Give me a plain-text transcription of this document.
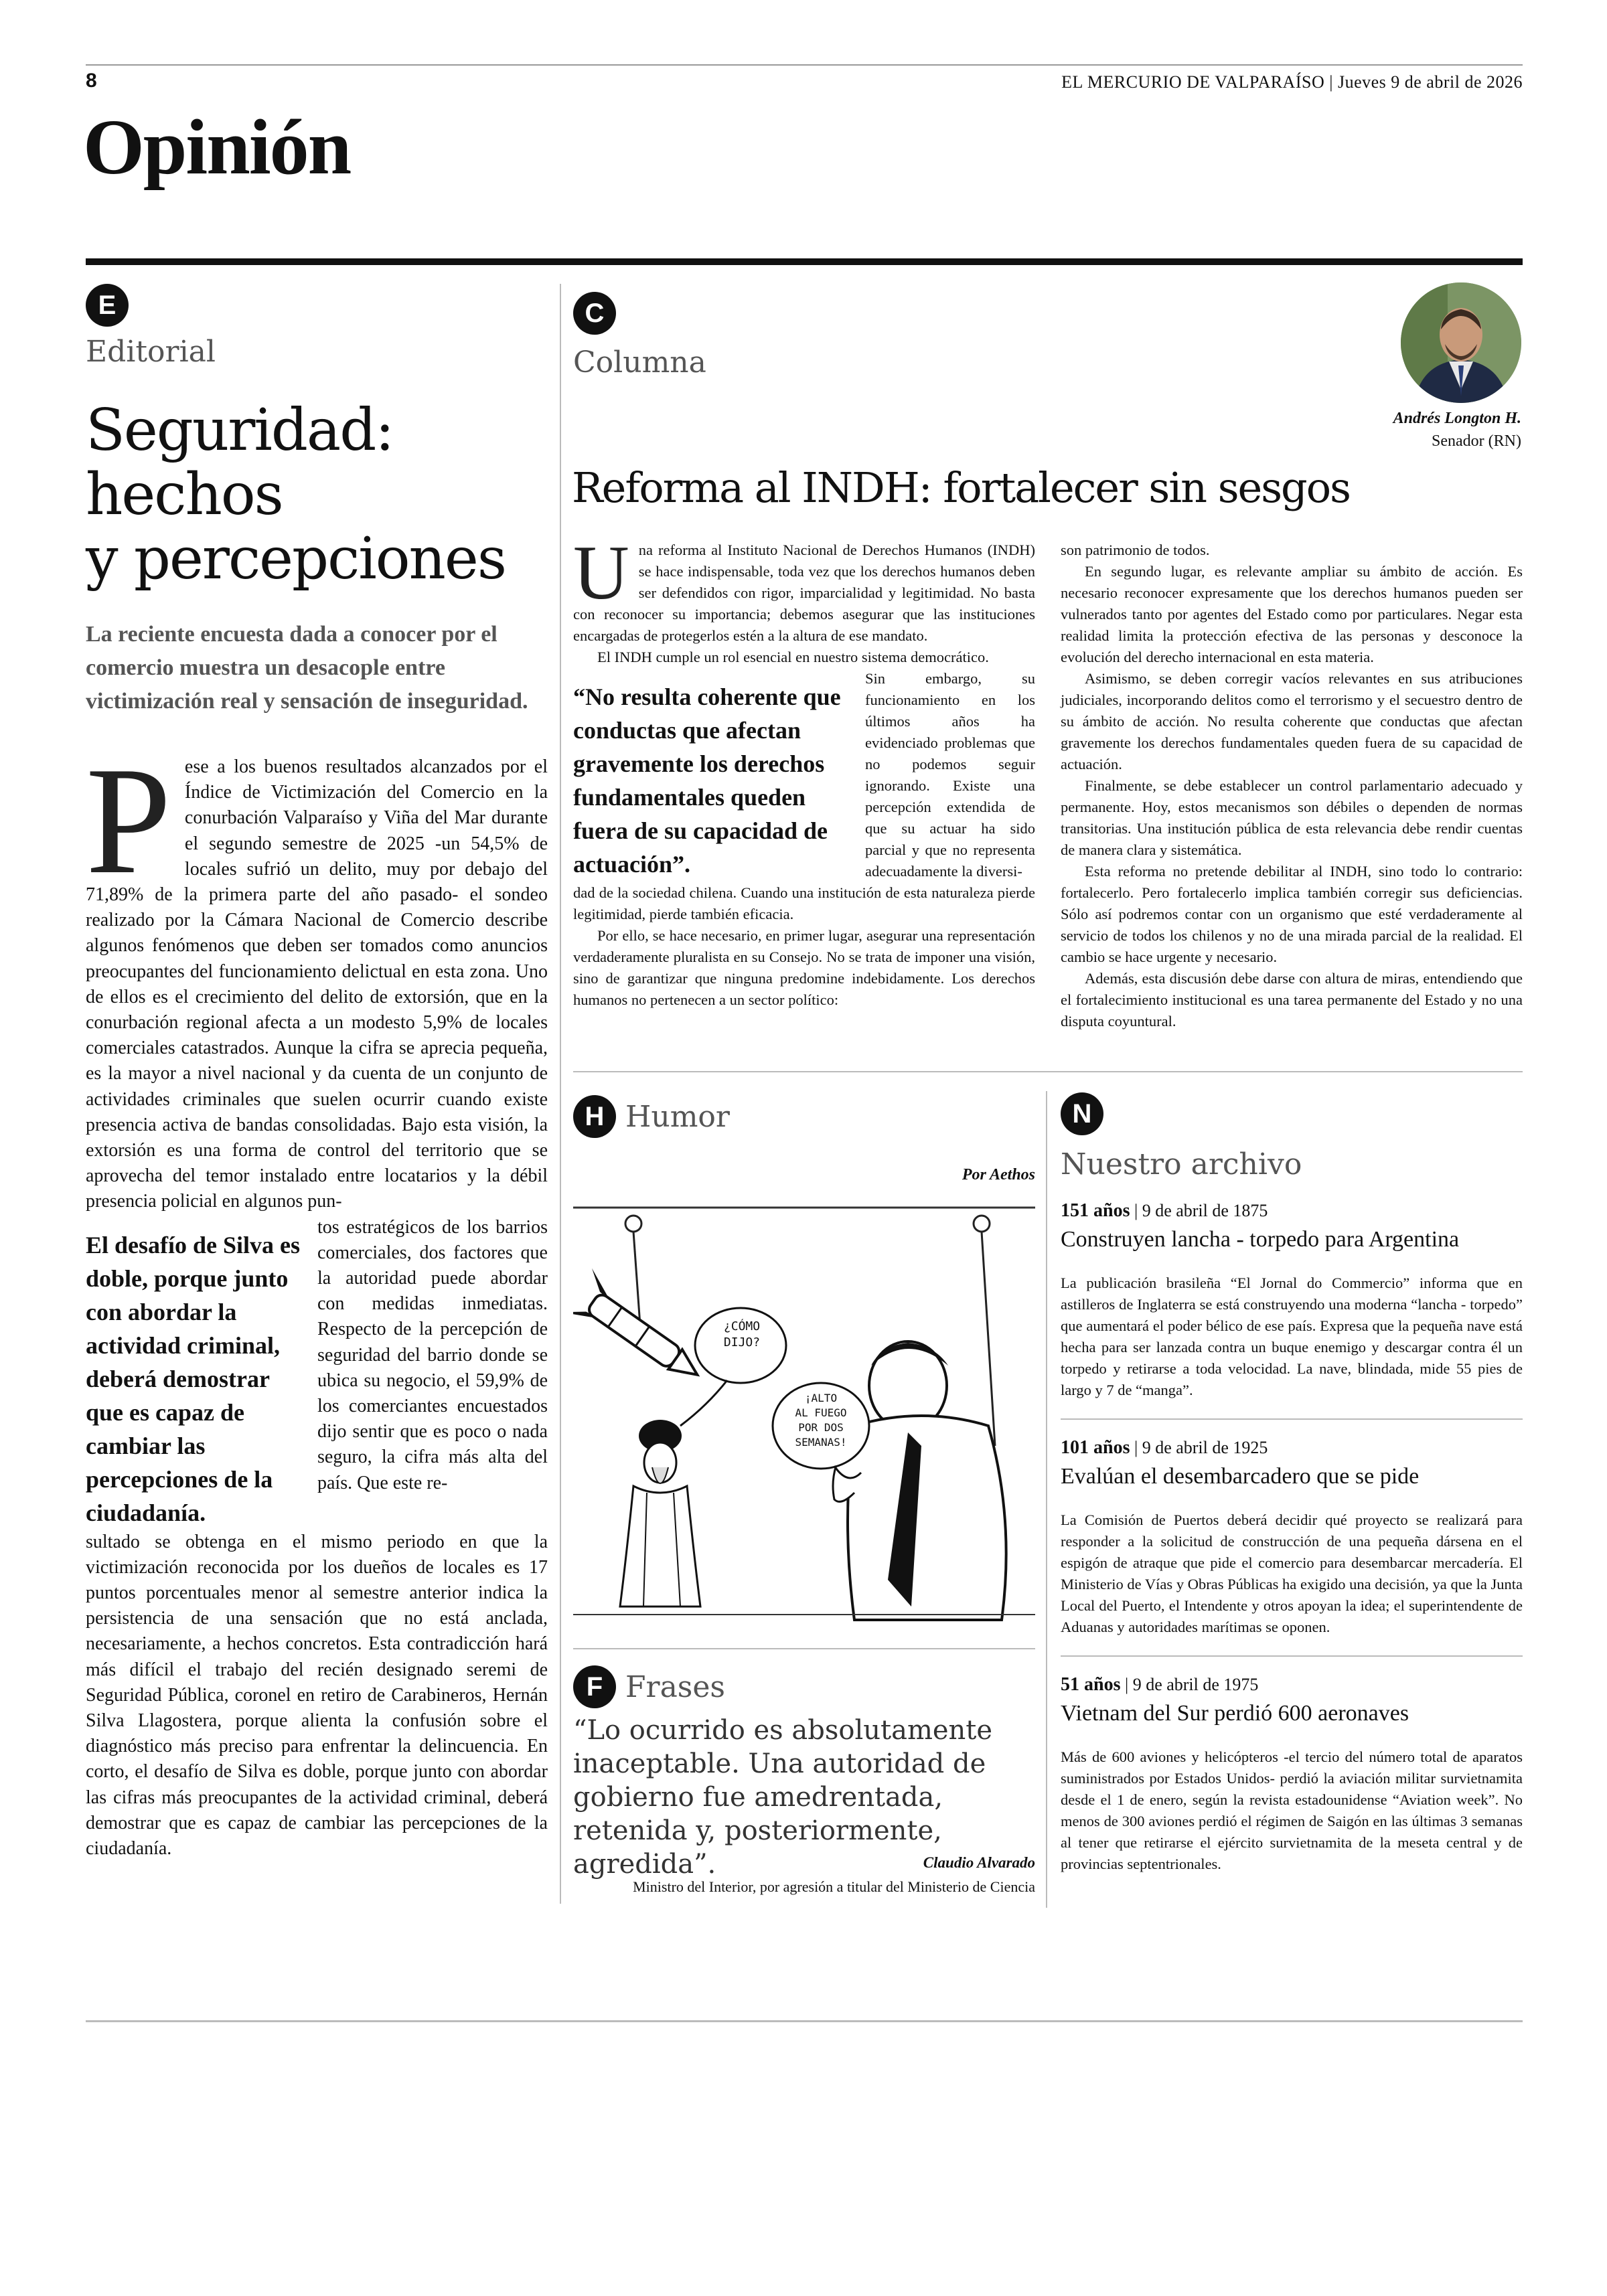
8	EL MERCURIO DE VALPARAÍSO | Jueves 9 de abril de 2026
Opinión
E
Editorial
Seguridad: hechos
y percepciones
La reciente encuesta dada a conocer por el comercio muestra un desacople entre victimización real y sensación de inseguridad.
Pese a los buenos resultados alcanzados por el Índice de Victimización del Comercio en la conurbación Valparaíso y Viña del Mar durante el segundo semestre de 2025 -un 54,5% de locales sufrió un delito, muy por debajo del 71,89% de la primera parte del año pasado- el sondeo realizado por la Cámara Nacional de Comercio describe algunos fenómenos que deben ser tomados como anuncios preocupantes del funcionamiento delictual en esta zona. Uno de ellos es el crecimiento del delito de extorsión, que en la conurbación regional afecta a un modesto 5,9% de locales comerciales catastrados. Aunque la cifra se aprecia pequeña, es la mayor a nivel nacional y da cuenta de un conjunto de actividades criminales que suelen ocurrir cuando existe presencia activa de bandas consolidadas. Bajo esta visión, la extorsión es una forma de control del territorio que se aprovecha del temor instalado entre locatarios y la débil presencia policial en algunos pun-
El desafío de Silva es doble, porque junto con abordar la actividad criminal, deberá demostrar que es capaz de cambiar las percepciones de la ciudadanía.
tos estratégicos de los barrios comerciales, dos factores que la autoridad puede abordar con medidas inmediatas. Respecto de la percepción de seguridad del barrio donde se ubica su negocio, el 59,9% de los comerciantes encuestados dijo sentir que es poco o nada seguro, la cifra más alta del país. Que este re-
sultado se obtenga en el mismo periodo en que la victimización reconocida por los dueños de locales es 17 puntos porcentuales menor al semestre anterior indica la persistencia de una sensación que no está anclada, necesariamente, a hechos concretos. Esta contradicción hará más difícil el trabajo del recién designado seremi de Seguridad Pública, coronel en retiro de Carabineros, Hernán Silva Llagostera, porque alienta la confusión sobre el diagnóstico más preciso para enfrentar la delincuencia. En corto, el desafío de Silva es doble, porque junto con abordar las cifras más preocupantes de la actividad criminal, deberá demostrar que es capaz de cambiar las percepciones de la ciudadanía.
C
Columna
Andrés Longton H.
Senador (RN)
Reforma al INDH: fortalecer sin sesgos
Una reforma al Instituto Nacional de Derechos Humanos (INDH) se hace indispensable, toda vez que los derechos humanos deben ser defendidos con rigor, imparcialidad y legitimidad. No basta con reconocer su importancia; debemos asegurar que las instituciones encargadas de protegerlos estén a la altura de ese mandato.
El INDH cumple un rol esencial en nuestro sistema democrático.
“No resulta coherente que conductas que afectan gravemente los derechos fundamentales queden fuera de su capacidad de actuación”.
Sin embargo, su funcionamiento en los últimos años ha evidenciado problemas que no podemos seguir ignorando. Existe una percepción extendida de que su actuar ha sido parcial y que no representa adecuadamente la diversi-
dad de la sociedad chilena. Cuando una institución de esta naturaleza pierde legitimidad, pierde también eficacia.
Por ello, se hace necesario, en primer lugar, asegurar una representación verdaderamente pluralista en su Consejo. No se trata de imponer una visión, sino de garantizar que ninguna predomine indebidamente. Los derechos humanos no pertenecen a un sector político:
son patrimonio de todos.
En segundo lugar, es relevante ampliar su ámbito de acción. Es necesario reconocer expresamente que los derechos humanos pueden ser vulnerados tanto por agentes del Estado como por particulares. Negar esta realidad limita la protección efectiva de las personas y desconoce la evolución del derecho internacional en esta materia.
Asimismo, se deben corregir vacíos relevantes en sus atribuciones judiciales, incorporando delitos como el terrorismo y el secuestro dentro de su ámbito de acción. No resulta coherente que conductas que afectan gravemente los derechos fundamentales queden fuera de su capacidad de actuación.
Finalmente, se debe establecer un control parlamentario adecuado y permanente. Hoy, estos mecanismos son débiles o dependen de normas transitorias. Una institución pública de esta relevancia debe rendir cuentas de manera clara y sistemática.
Esta reforma no pretende debilitar al INDH, sino todo lo contrario: fortalecerlo. Pero fortalecerlo implica también corregir sus deficiencias. Sólo así podremos contar con un organismo que esté verdaderamente al servicio de todos los chilenos y no de una mirada parcial de la realidad. El cambio se hace urgente y necesario.
Además, esta discusión debe darse con altura de miras, entendiendo que el fortalecimiento institucional es una tarea permanente del Estado y no una disputa coyuntural.
H Humor
Por Aethos
¿CÓMO
DIJO?
¡ALTO
AL FUEGO
POR DOS
SEMANAS!
F Frases
“Lo ocurrido es absolutamente inaceptable. Una autoridad de gobierno fue amedrentada, retenida y, posteriormente, agredida”.	Claudio Alvarado
Ministro del Interior, por agresión a titular del Ministerio de Ciencia
N
Nuestro archivo
151 años | 9 de abril de 1875
Construyen lancha - torpedo para Argentina
La publicación brasileña “El Jornal do Commercio” informa que en astilleros de Inglaterra se está construyendo una moderna “lancha - torpedo” que aumentará el poder bélico de ese país. Expresa que la pequeña nave está hecha para ser lanzada contra un buque enemigo y descargar contra él un torpedo y retirarse a toda velocidad. La nave, blindada, mide 55 pies de largo y 7 de “manga”.
101 años | 9 de abril de 1925
Evalúan el desembarcadero que se pide
La Comisión de Puertos deberá decidir qué proyecto se realizará para responder a la solicitud de construcción de una pequeña dársena en el espigón de atraque que pide el comercio para desembarcar mercadería. El Ministerio de Vías y Obras Públicas ha exigido una decisión, ya que la Junta Local del Puerto, el Intendente y otros apoyan la idea; el superintendente de Aduanas y autoridades marítimas se oponen.
51 años | 9 de abril de 1975
Vietnam del Sur perdió 600 aeronaves
Más de 600 aviones y helicópteros -el tercio del número total de aparatos suministrados por Estados Unidos- perdió la aviación militar survietnamita desde el 1 de enero, según la revista estadounidense “Aviation week”. No menos de 300 aviones perdió el régimen de Saigón en las últimas 3 semanas al tener que retirarse el ejército survietnamita de la meseta central y de provincias septentrionales.
